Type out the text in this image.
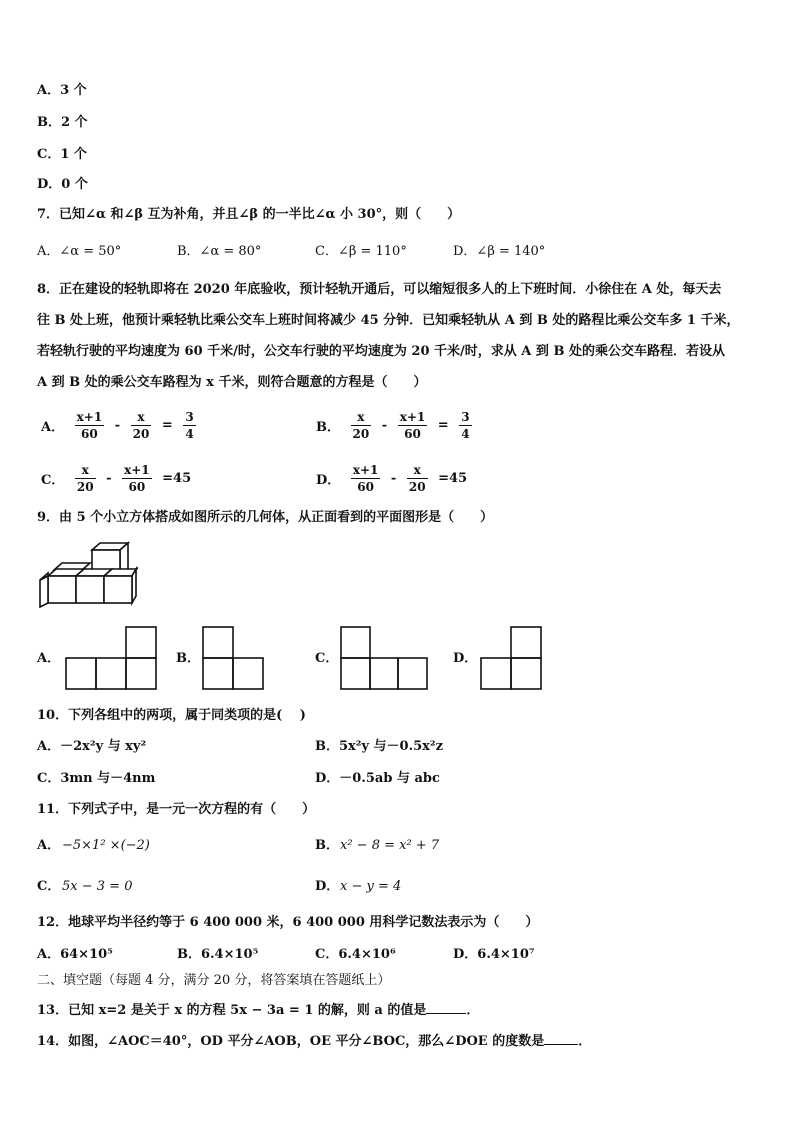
A．3 个
B．2 个
C．1 个
D．0 个
7．已知∠α 和∠β 互为补角，并且∠β 的一半比∠α 小 30°，则（　　）
A．∠α = 50°	B．∠α = 80°	C．∠β = 110°	D．∠β = 140°
8．正在建设的轻轨即将在 2020 年底验收，预计轻轨开通后，可以缩短很多人的上下班时间．小徐住在 A 处，每天去
往 B 处上班，他预计乘轻轨比乘公交车上班时间将减少 45 分钟．已知乘轻轨从 A 到 B 处的路程比乘公交车多 1 千米，
若轻轨行驶的平均速度为 60 千米/时，公交车行驶的平均速度为 20 千米/时，求从 A 到 B 处的乘公交车路程．若设从
A 到 B 处的乘公交车路程为 x 千米，则符合题意的方程是（　　）
A． $\frac{x+1}{60} - \frac{x}{20} = \frac{3}{4}$	B． $\frac{x}{20} - \frac{x+1}{60} = \frac{3}{4}$
C． $\frac{x}{20} - \frac{x+1}{60} =45$	D． $\frac{x+1}{60} - \frac{x}{20} =45$
9．由 5 个小立方体搭成如图所示的几何体，从正面看到的平面图形是（　　）
A．	B．	C．	D．
10．下列各组中的两项，属于同类项的是(　 )
A．－2x²y 与 xy²	B．5x²y 与－0.5x²z
C．3mn 与－4nm	D．－0.5ab 与 abc
11．下列式子中，是一元一次方程的有（　　）
A． −5×1² ×(−2)	B． x² − 8 = x² + 7
C． 5x − 3 = 0	D． x − y = 4
12．地球平均半径约等于 6 400 000 米，6 400 000 用科学记数法表示为（　　）
A．64×10⁵	B．6.4×10⁵	C．6.4×10⁶	D．6.4×10⁷
二、填空题（每题 4 分，满分 20 分，将答案填在答题纸上）
13．已知 x=2 是关于 x 的方程 5x − 3a = 1 的解，则 a 的值是	．
14．如图，∠AOC＝40°，OD 平分∠AOB，OE 平分∠BOC，那么∠DOE 的度数是	．
